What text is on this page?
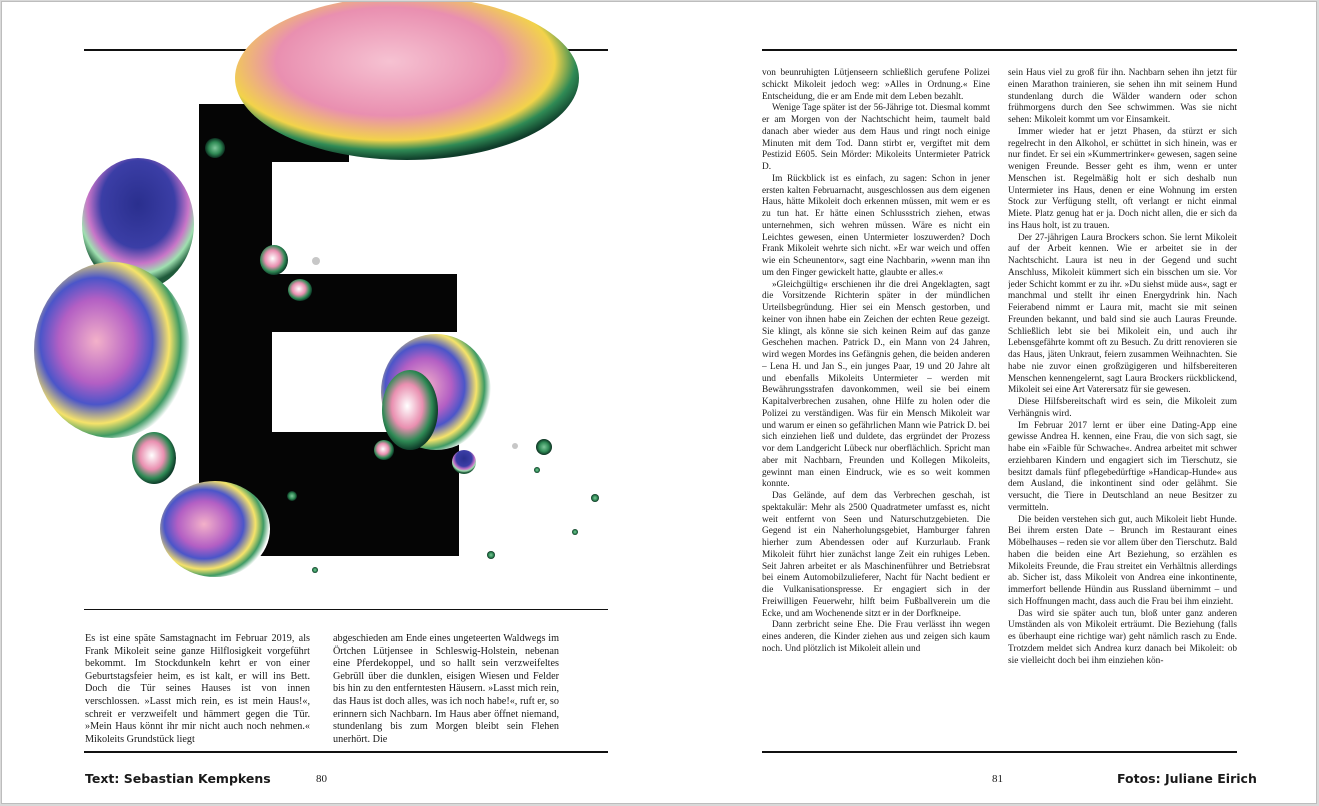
Es ist eine späte Samstagnacht im Februar 2019, als Frank Mikoleit seine ganze Hilflosigkeit vorgeführt bekommt. Im Stockdunkeln kehrt er von einer Geburtstagsfeier heim, es ist kalt, er will ins Bett. Doch die Tür seines Hauses ist von innen verschlossen. »Lasst mich rein, es ist mein Haus!«, schreit er verzweifelt und hämmert gegen die Tür. »Mein Haus könnt ihr mir nicht auch noch nehmen.« Mikoleits Grundstück liegt

abgeschieden am Ende eines ungeteerten Waldwegs im Örtchen Lütjensee in Schleswig-Holstein, nebenan eine Pferdekoppel, und so hallt sein verzweifeltes Gebrüll über die dunklen, eisigen Wiesen und Felder bis hin zu den entferntesten Häusern. »Lasst mich rein, das Haus ist doch alles, was ich noch habe!«, ruft er, so erinnern sich Nachbarn. Im Haus aber öffnet niemand, stundenlang bis zum Morgen bleibt sein Flehen unerhört. Die

Text: Sebastian Kempkens	80

von beunruhigten Lütjenseern schließlich gerufene Polizei schickt Mikoleit jedoch weg: »Alles in Ordnung.« Eine Entscheidung, die er am Ende mit dem Leben bezahlt.

Wenige Tage später ist der 56-Jährige tot. Diesmal kommt er am Morgen von der Nachtschicht heim, taumelt bald danach aber wieder aus dem Haus und ringt noch einige Minuten mit dem Tod. Dann stirbt er, vergiftet mit dem Pestizid E605. Sein Mörder: Mikoleits Untermieter Patrick D.

Im Rückblick ist es einfach, zu sagen: Schon in jener ersten kalten Februarnacht, ausgeschlossen aus dem eigenen Haus, hätte Mikoleit doch erkennen müssen, mit wem er es zu tun hat. Er hätte einen Schlussstrich ziehen, etwas unternehmen, sich wehren müssen. Wäre es nicht ein Leichtes gewesen, einen Untermieter loszuwerden? Doch Frank Mikoleit wehrte sich nicht. »Er war weich und offen wie ein Scheunentor«, sagt eine Nachbarin, »wenn man ihn um den Finger gewickelt hatte, glaubte er alles.«

»Gleichgültig« erschienen ihr die drei Angeklagten, sagt die Vorsitzende Richterin später in der mündlichen Urteilsbegründung. Hier sei ein Mensch gestorben, und keiner von ihnen habe ein Zeichen der echten Reue gezeigt. Sie klingt, als könne sie sich keinen Reim auf das ganze Geschehen machen. Patrick D., ein Mann von 24 Jahren, wird wegen Mordes ins Gefängnis gehen, die beiden anderen – Lena H. und Jan S., ein junges Paar, 19 und 20 Jahre alt und ebenfalls Mikoleits Untermieter – werden mit Bewährungsstrafen davonkommen, weil sie bei einem Kapitalverbrechen zusahen, ohne Hilfe zu holen oder die Polizei zu verständigen. Was für ein Mensch Mikoleit war und warum er einen so gefährlichen Mann wie Patrick D. bei sich einziehen ließ und duldete, das ergründet der Prozess vor dem Landgericht Lübeck nur oberflächlich. Spricht man aber mit Nachbarn, Freunden und Kollegen Mikoleits, gewinnt man einen Eindruck, wie es so weit kommen konnte.

Das Gelände, auf dem das Verbrechen geschah, ist spektakulär: Mehr als 2500 Quadratmeter umfasst es, nicht weit entfernt von Seen und Naturschutzgebieten. Die Gegend ist ein Naherholungsgebiet, Hamburger fahren hierher zum Abendessen oder auf Kurzurlaub. Frank Mikoleit führt hier zunächst lange Zeit ein ruhiges Leben. Seit Jahren arbeitet er als Maschinenführer und Betriebsrat bei einem Automobilzulieferer, Nacht für Nacht bedient er die Vulkanisationspresse. Er engagiert sich in der Freiwilligen Feuerwehr, hilft beim Fußballverein um die Ecke, und am Wochenende sitzt er in der Dorfkneipe.

Dann zerbricht seine Ehe. Die Frau verlässt ihn wegen eines anderen, die Kinder ziehen aus und zeigen sich kaum noch. Und plötzlich ist Mikoleit allein und

sein Haus viel zu groß für ihn. Nachbarn sehen ihn jetzt für einen Marathon trainieren, sie sehen ihn mit seinem Hund stundenlang durch die Wälder wandern oder schon frühmorgens durch den See schwimmen. Was sie nicht sehen: Mikoleit kommt um vor Einsamkeit.

Immer wieder hat er jetzt Phasen, da stürzt er sich regelrecht in den Alkohol, er schüttet in sich hinein, was er nur findet. Er sei ein »Kummertrinker« gewesen, sagen seine wenigen Freunde. Besser geht es ihm, wenn er unter Menschen ist. Regelmäßig holt er sich deshalb nun Untermieter ins Haus, denen er eine Wohnung im ersten Stock zur Verfügung stellt, oft verlangt er nicht einmal Miete. Platz genug hat er ja. Doch nicht allen, die er sich da ins Haus holt, ist zu trauen.

Der 27-jährigen Laura Brockers schon. Sie lernt Mikoleit auf der Arbeit kennen. Wie er arbeitet sie in der Nachtschicht. Laura ist neu in der Gegend und sucht Anschluss, Mikoleit kümmert sich ein bisschen um sie. Vor jeder Schicht kommt er zu ihr. »Du siehst müde aus«, sagt er manchmal und stellt ihr einen Energydrink hin. Nach Feierabend nimmt er Laura mit, macht sie mit seinen Freunden bekannt, und bald sind sie auch Lauras Freunde. Schließlich lebt sie bei Mikoleit ein, und auch ihr Lebensgefährte kommt oft zu Besuch. Zu dritt renovieren sie das Haus, jäten Unkraut, feiern zusammen Weihnachten. Sie habe nie zuvor einen großzügigeren und hilfsbereiteren Menschen kennengelernt, sagt Laura Brockers rückblickend, Mikoleit sei eine Art Vaterersatz für sie gewesen.

Diese Hilfsbereitschaft wird es sein, die Mikoleit zum Verhängnis wird.

Im Februar 2017 lernt er über eine Dating-App eine gewisse Andrea H. kennen, eine Frau, die von sich sagt, sie habe ein »Faible für Schwache«. Andrea arbeitet mit schwer erziehbaren Kindern und engagiert sich im Tierschutz, sie besitzt damals fünf pflegebedürftige »Handicap-Hunde« aus dem Ausland, die inkontinent sind oder gelähmt. Sie versucht, die Tiere in Deutschland an neue Besitzer zu vermitteln.

Die beiden verstehen sich gut, auch Mikoleit liebt Hunde. Bei ihrem ersten Date – Brunch im Restaurant eines Möbelhauses – reden sie vor allem über den Tierschutz. Bald haben die beiden eine Art Beziehung, so erzählen es Mikoleits Freunde, die Frau streitet ein Verhältnis allerdings ab. Sicher ist, dass Mikoleit von Andrea eine inkontinente, immerfort bellende Hündin aus Russland übernimmt – und sich Hoffnungen macht, dass auch die Frau bei ihm einzieht.

Das wird sie später auch tun, bloß unter ganz anderen Umständen als von Mikoleit erträumt. Die Beziehung (falls es überhaupt eine richtige war) geht nämlich rasch zu Ende. Trotzdem meldet sich Andrea kurz danach bei Mikoleit: ob sie vielleicht doch bei ihm einziehen kön-

81	Fotos: Juliane Eirich
